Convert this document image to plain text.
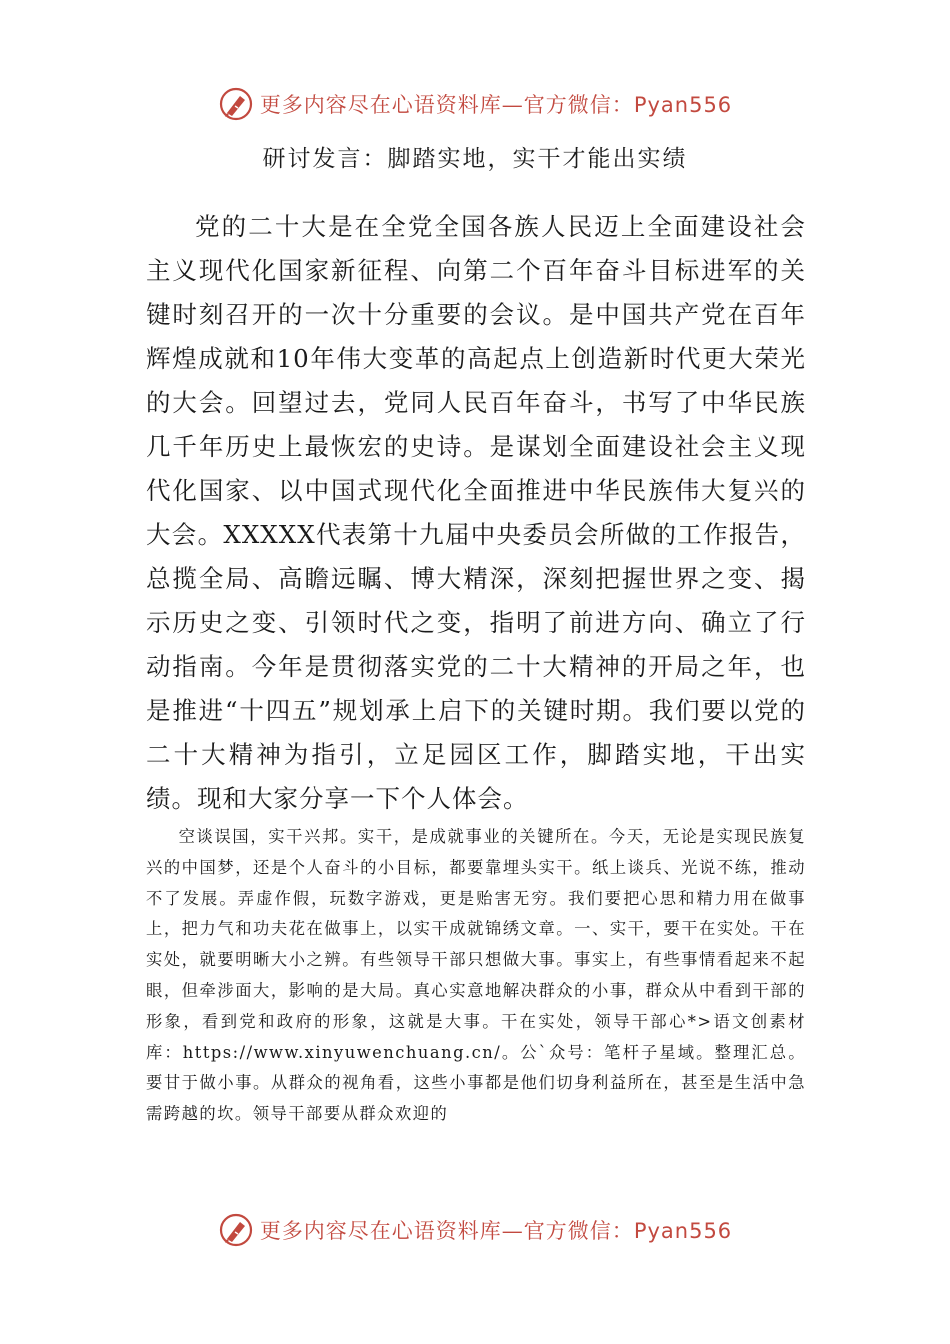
更多内容尽在心语资料库—官方微信：Pyan556
研讨发言：脚踏实地，实干才能出实绩

党的二十大是在全党全国各族人民迈上全面建设社会主义现代化国家新征程、向第二个百年奋斗目标进军的关键时刻召开的一次十分重要的会议。是中国共产党在百年辉煌成就和10年伟大变革的高起点上创造新时代更大荣光的大会。回望过去，党同人民百年奋斗，书写了中华民族几千年历史上最恢宏的史诗。是谋划全面建设社会主义现代化国家、以中国式现代化全面推进中华民族伟大复兴的大会。XXXXX代表第十九届中央委员会所做的工作报告，总揽全局、高瞻远瞩、博大精深，深刻把握世界之变、揭示历史之变、引领时代之变，指明了前进方向、确立了行动指南。今年是贯彻落实党的二十大精神的开局之年，也是推进“十四五”规划承上启下的关键时期。我们要以党的二十大精神为指引，立足园区工作，脚踏实地，干出实绩。现和大家分享一下个人体会。

空谈误国，实干兴邦。实干，是成就事业的关键所在。今天，无论是实现民族复兴的中国梦，还是个人奋斗的小目标，都要靠埋头实干。纸上谈兵、光说不练，推动不了发展。弄虚作假，玩数字游戏，更是贻害无穷。我们要把心思和精力用在做事上，把力气和功夫花在做事上，以实干成就锦绣文章。一、实干，要干在实处。干在实处，就要明晰大小之辨。有些领导干部只想做大事。事实上，有些事情看起来不起眼，但牵涉面大，影响的是大局。真心实意地解决群众的小事，群众从中看到干部的形象，看到党和政府的形象，这就是大事。干在实处，领导干部心*>语文创素材库：https://www.xinyuwenchuang.cn/。公`众号：笔杆子星域。整理汇总。要甘于做小事。从群众的视角看，这些小事都是他们切身利益所在，甚至是生活中急需跨越的坎。领导干部要从群众欢迎的

更多内容尽在心语资料库—官方微信：Pyan556
